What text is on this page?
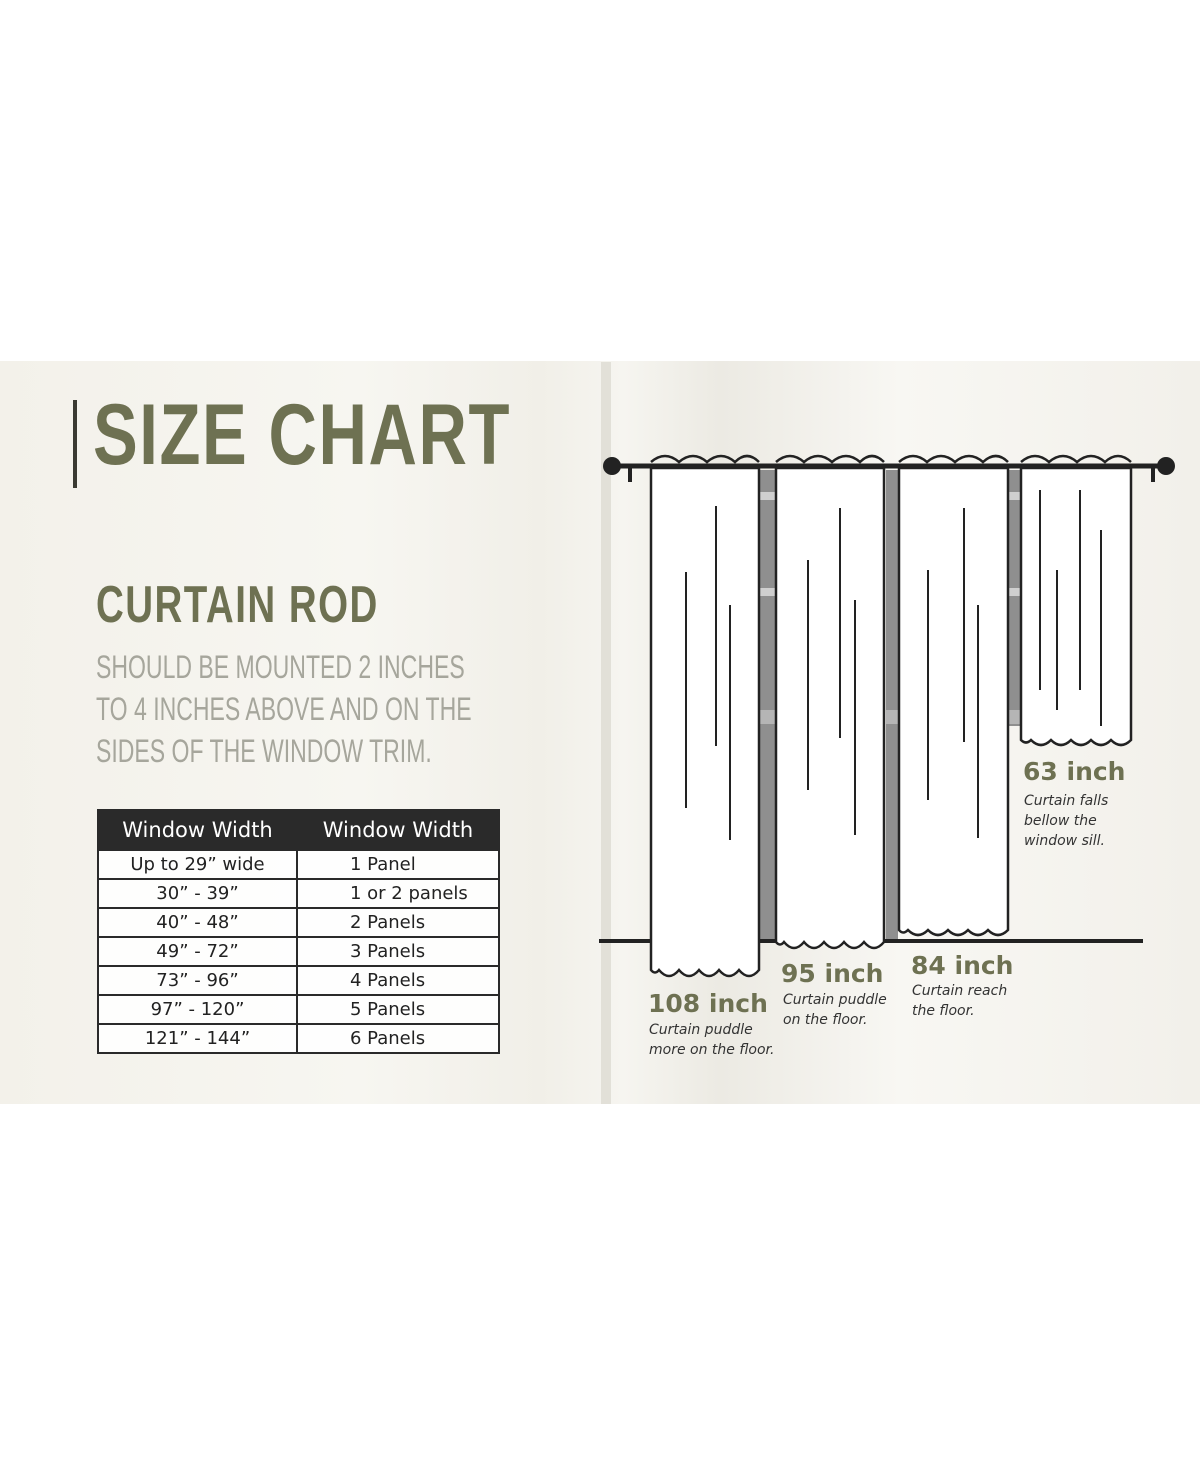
SIZE CHART
CURTAIN ROD
SHOULD BE MOUNTED 2 INCHES
TO 4 INCHES ABOVE AND ON THE
SIDES OF THE WINDOW TRIM.
Window Width	Window Width
Up to 29” wide	1 Panel
30” - 39”	1 or 2 panels
40” - 48”	2 Panels
49” - 72”	3 Panels
73” - 96”	4 Panels
97” - 120”	5 Panels
121” - 144”	6 Panels
108 inch
Curtain puddle
more on the floor.
95 inch
Curtain puddle
on the floor.
84 inch
Curtain reach
the floor.
63 inch
Curtain falls
bellow the
window sill.
